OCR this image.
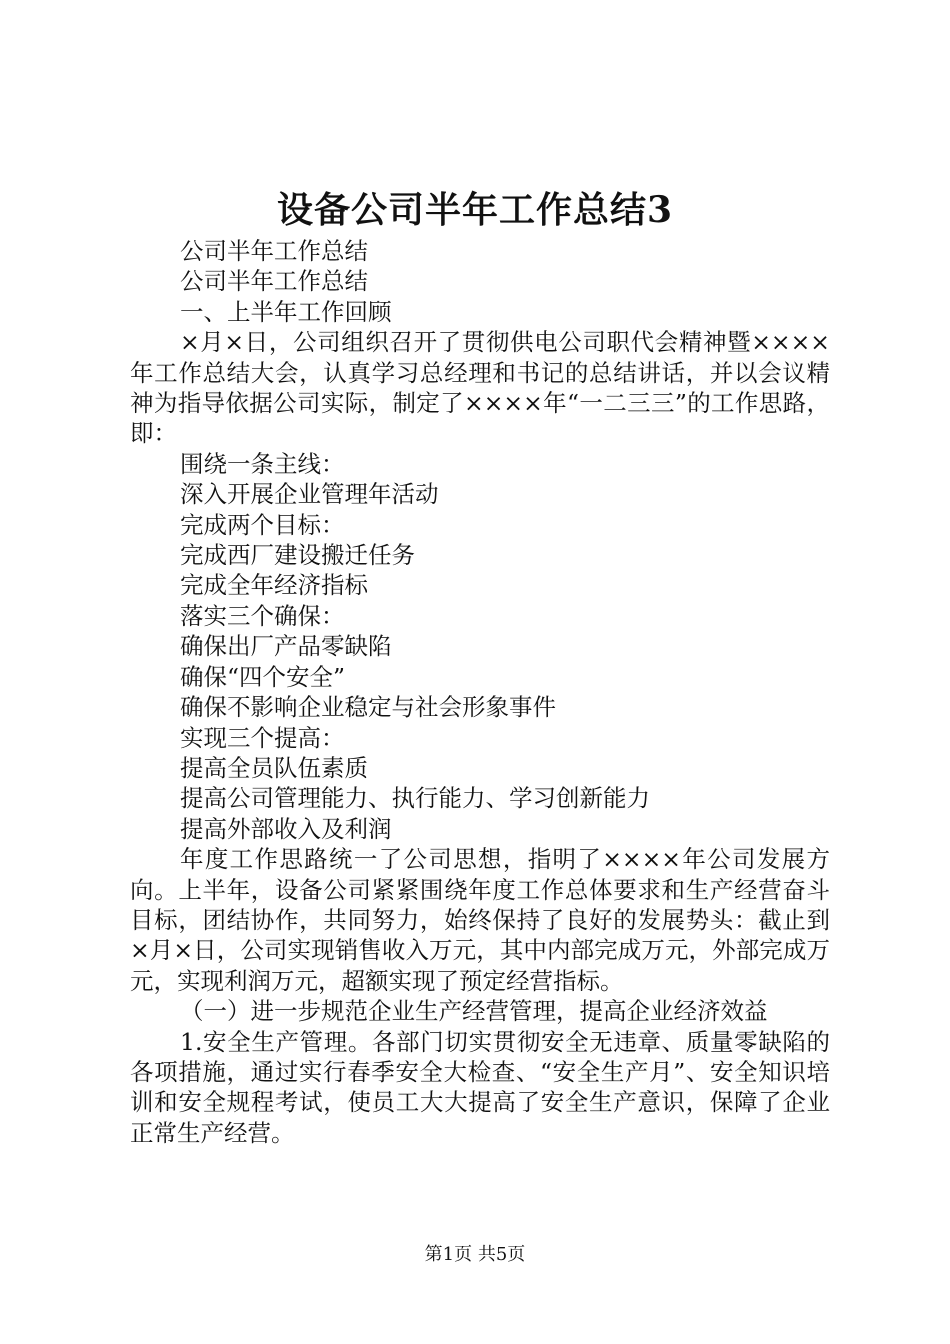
设备公司半年工作总结3

公司半年工作总结

公司半年工作总结

一、上半年工作回顾

×月×日，公司组织召开了贯彻供电公司职代会精神暨××××年工作总结大会，认真学习总经理和书记的总结讲话，并以会议精神为指导依据公司实际，制定了××××年“一二三三”的工作思路，即：

围绕一条主线：

深入开展企业管理年活动

完成两个目标：

完成西厂建设搬迁任务

完成全年经济指标

落实三个确保：

确保出厂产品零缺陷

确保“四个安全”

确保不影响企业稳定与社会形象事件

实现三个提高：

提高全员队伍素质

提高公司管理能力、执行能力、学习创新能力

提高外部收入及利润

年度工作思路统一了公司思想，指明了××××年公司发展方向。上半年，设备公司紧紧围绕年度工作总体要求和生产经营奋斗目标，团结协作，共同努力，始终保持了良好的发展势头：截止到×月×日，公司实现销售收入万元，其中内部完成万元，外部完成万元，实现利润万元，超额实现了预定经营指标。

（一）进一步规范企业生产经营管理，提高企业经济效益

1.安全生产管理。各部门切实贯彻安全无违章、质量零缺陷的各项措施，通过实行春季安全大检查、“安全生产月”、安全知识培训和安全规程考试，使员工大大提高了安全生产意识，保障了企业正常生产经营。

第1页 共5页
